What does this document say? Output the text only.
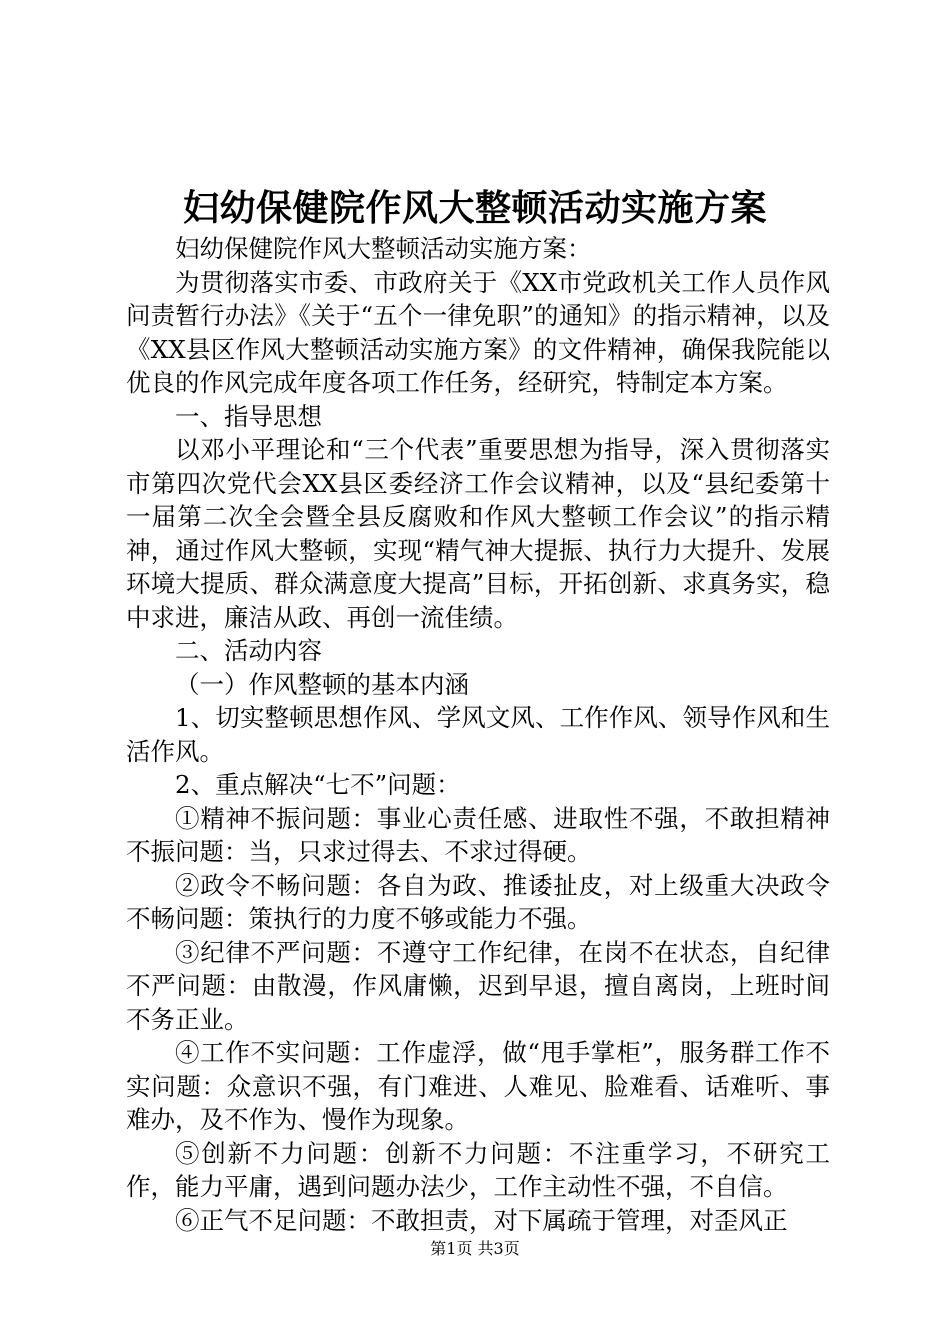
妇幼保健院作风大整顿活动实施方案

妇幼保健院作风大整顿活动实施方案：

为贯彻落实市委、市政府关于《XX市党政机关工作人员作风问责暂行办法》《关于“五个一律免职”的通知》的指示精神，以及《XX县区作风大整顿活动实施方案》的文件精神，确保我院能以优良的作风完成年度各项工作任务，经研究，特制定本方案。

一、指导思想

以邓小平理论和“三个代表”重要思想为指导，深入贯彻落实市第四次党代会XX县区委经济工作会议精神，以及“县纪委第十一届第二次全会暨全县反腐败和作风大整顿工作会议”的指示精神，通过作风大整顿，实现“精气神大提振、执行力大提升、发展环境大提质、群众满意度大提高”目标，开拓创新、求真务实，稳中求进，廉洁从政、再创一流佳绩。

二、活动内容

（一）作风整顿的基本内涵

1、切实整顿思想作风、学风文风、工作作风、领导作风和生活作风。

2、重点解决“七不”问题：

①精神不振问题：事业心责任感、进取性不强，不敢担精神不振问题：当，只求过得去、不求过得硬。

②政令不畅问题：各自为政、推诿扯皮，对上级重大决政令不畅问题：策执行的力度不够或能力不强。

③纪律不严问题：不遵守工作纪律，在岗不在状态，自纪律不严问题：由散漫，作风庸懒，迟到早退，擅自离岗，上班时间不务正业。

④工作不实问题：工作虚浮，做“甩手掌柜”，服务群工作不实问题：众意识不强，有门难进、人难见、脸难看、话难听、事难办，及不作为、慢作为现象。

⑤创新不力问题：创新不力问题：不注重学习，不研究工作，能力平庸，遇到问题办法少，工作主动性不强，不自信。

⑥正气不足问题：不敢担责，对下属疏于管理，对歪风正

第1页 共3页
